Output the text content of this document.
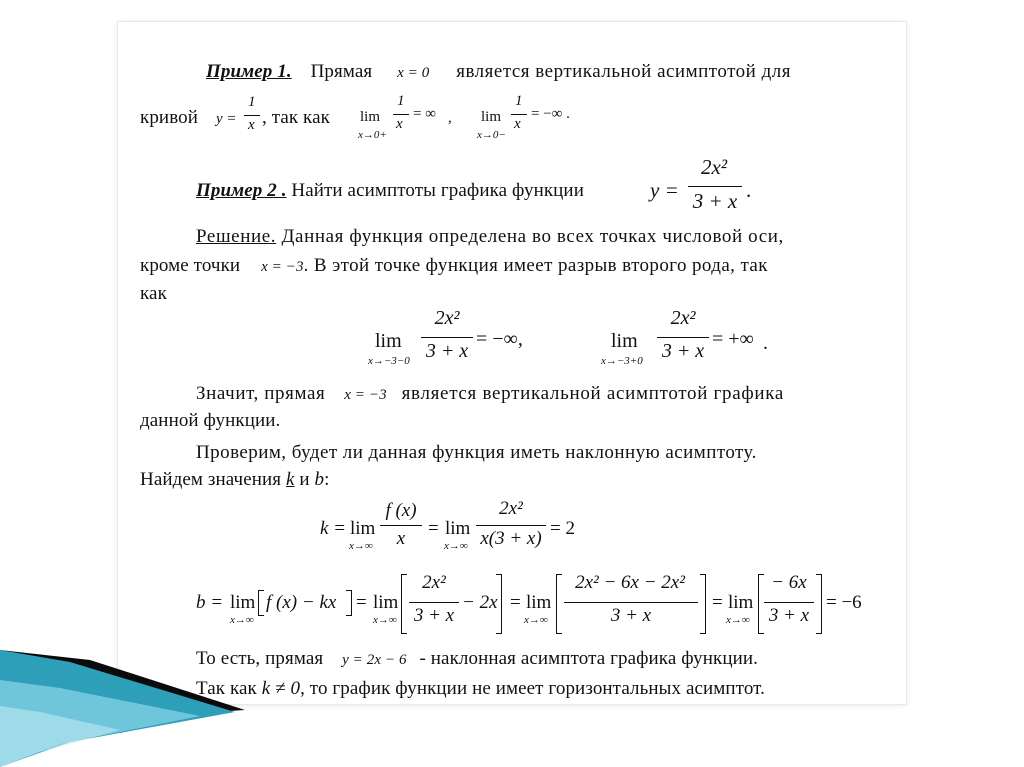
Пример 1. Прямая x = 0 является вертикальной асимптотой для
кривой y =
1
x , так как lim
x→0+
1
x
= ∞ , lim
x→0−
1
x
= −∞ .
Пример 2 . Найти асимптоты графика функции	y =
2x²
3 + x .
Решение. Данная функция определена во всех точках числовой оси,
кроме точки x = −3. В этой точке функция имеет разрыв второго рода, так
как
lim
x→−3−0
2x²
3 + x
= −∞,	lim
x→−3+0
2x²
3 + x
= +∞ .
Значит, прямая x = −3 является вертикальной асимптотой графика
данной функции.
Проверим, будет ли данная функция иметь наклонную асимптоту.
Найдем значения k и b:
k = lim
x→∞
f (x)
x	= lim
x→∞
2x²
x(3 + x) = 2
b = lim
x→∞
f (x) − kx = lim
x→∞
2x²
3 + x
− 2x = lim
x→∞
2x² − 6x − 2x²
3 + x
= lim
x→∞
− 6x
3 + x
= −6
То есть, прямая y = 2x − 6 - наклонная асимптота графика функции.
Так как k ≠ 0, то график функции не имеет горизонтальных асимптот.
